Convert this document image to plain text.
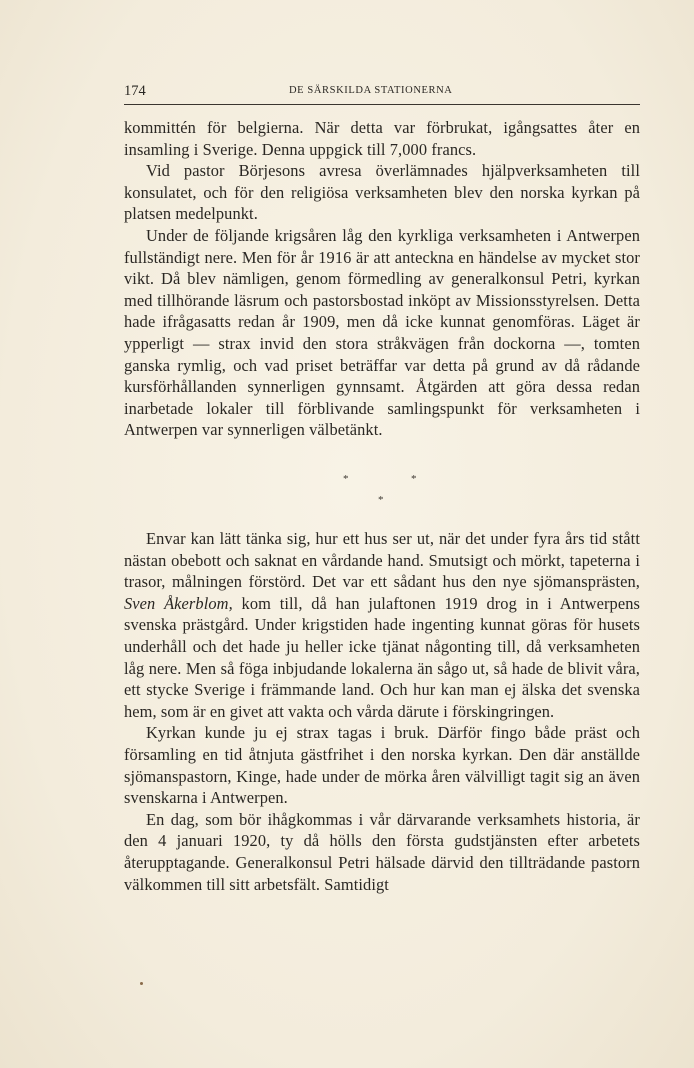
174	DE SÄRSKILDA STATIONERNA

kommittén för belgierna. När detta var förbrukat, igångsattes åter en insamling i Sverige. Denna uppgick till 7,000 francs.

Vid pastor Börjesons avresa överlämnades hjälpverksamheten till konsulatet, och för den religiösa verksamheten blev den norska kyrkan på platsen medelpunkt.

Under de följande krigsåren låg den kyrkliga verksamheten i Antwerpen fullständigt nere. Men för år 1916 är att anteckna en händelse av mycket stor vikt. Då blev nämligen, genom förmedling av generalkonsul Petri, kyrkan med tillhörande läsrum och pastorsbostad inköpt av Missionsstyrelsen. Detta hade ifrågasatts redan år 1909, men då icke kunnat genomföras. Läget är ypperligt — strax invid den stora stråkvägen från dockorna —, tomten ganska rymlig, och vad priset beträffar var detta på grund av då rådande kursförhållanden synnerligen gynnsamt. Åtgärden att göra dessa redan inarbetade lokaler till förblivande samlingspunkt för verksamheten i Antwerpen var synnerligen välbetänkt.

*	*
*

Envar kan lätt tänka sig, hur ett hus ser ut, när det under fyra års tid stått nästan obebott och saknat en vårdande hand. Smutsigt och mörkt, tapeterna i trasor, målningen förstörd. Det var ett sådant hus den nye sjömansprästen, Sven Åkerblom, kom till, då han julaftonen 1919 drog in i Antwerpens svenska prästgård. Under krigstiden hade ingenting kunnat göras för husets underhåll och det hade ju heller icke tjänat någonting till, då verksamheten låg nere. Men så föga inbjudande lokalerna än sågo ut, så hade de blivit våra, ett stycke Sverige i främmande land. Och hur kan man ej älska det svenska hem, som är en givet att vakta och vårda därute i förskingringen.

Kyrkan kunde ju ej strax tagas i bruk. Därför fingo både präst och församling en tid åtnjuta gästfrihet i den norska kyrkan. Den där anställde sjömanspastorn, Kinge, hade under de mörka åren välvilligt tagit sig an även svenskarna i Antwerpen.

En dag, som bör ihågkommas i vår därvarande verksamhets historia, är den 4 januari 1920, ty då hölls den första gudstjänsten efter arbetets återupptagande. Generalkonsul Petri hälsade därvid den tillträdande pastorn välkommen till sitt arbetsfält. Samtidigt
